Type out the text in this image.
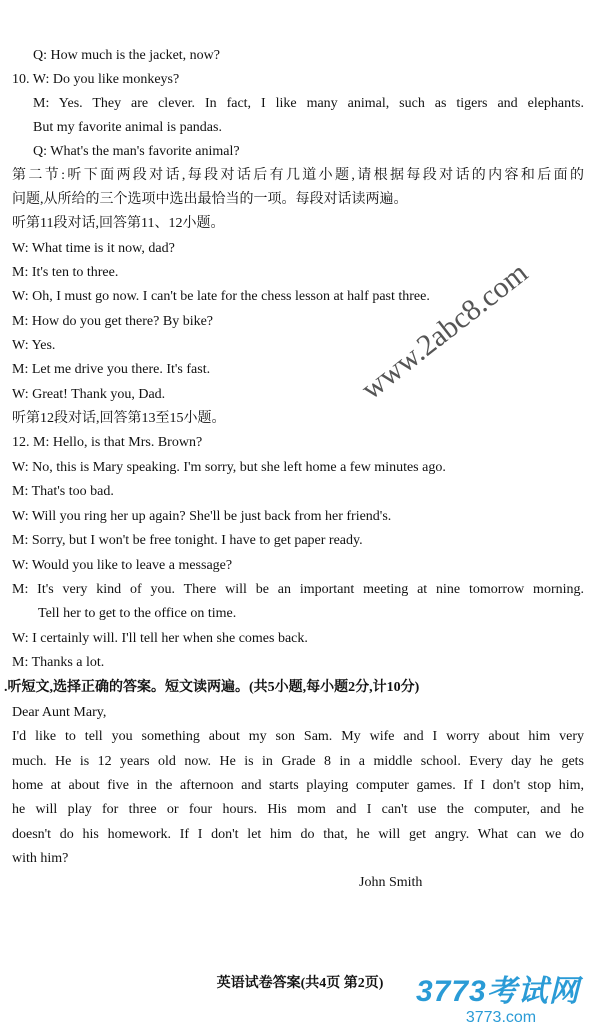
Q: How much is the jacket, now?
10. W: Do you like monkeys?
M: Yes. They are clever. In fact, I like many animal, such as tigers and elephants.
But my favorite animal is pandas.
Q: What's the man's favorite animal?
第二节:听下面两段对话,每段对话后有几道小题,请根据每段对话的内容和后面的
问题,从所给的三个选项中选出最恰当的一项。每段对话读两遍。
听第11段对话,回答第11、12小题。
W: What time is it now, dad?
M: It's ten to three.
W: Oh, I must go now. I can't be late for the chess lesson at half past three.
M: How do you get there? By bike?
W: Yes.
M: Let me drive you there. It's fast.
W: Great! Thank you, Dad.
听第12段对话,回答第13至15小题。
12. M: Hello, is that Mrs. Brown?
W: No, this is Mary speaking. I'm sorry, but she left home a few minutes ago.
M: That's too bad.
W: Will you ring her up again? She'll be just back from her friend's.
M: Sorry, but I won't be free tonight. I have to get paper ready.
W: Would you like to leave a message?
M: It's very kind of you. There will be an important meeting at nine tomorrow morning.
Tell her to get to the office on time.
W: I certainly will. I'll tell her when she comes back.
M: Thanks a lot.
.听短文,选择正确的答案。短文读两遍。(共5小题,每小题2分,计10分)
Dear Aunt Mary,
I'd like to tell you something about my son Sam. My wife and I worry about him very
much. He is 12 years old now. He is in Grade 8 in a middle school. Every day he gets
home at about five in the afternoon and starts playing computer games. If I don't stop him,
he will play for three or four hours. His mom and I can't use the computer, and he
doesn't do his homework. If I don't let him do that, he will get angry. What can we do
with him?
John Smith
www.2abc8.com
英语试卷答案(共4页 第2页)	3773考试网
3773.com
